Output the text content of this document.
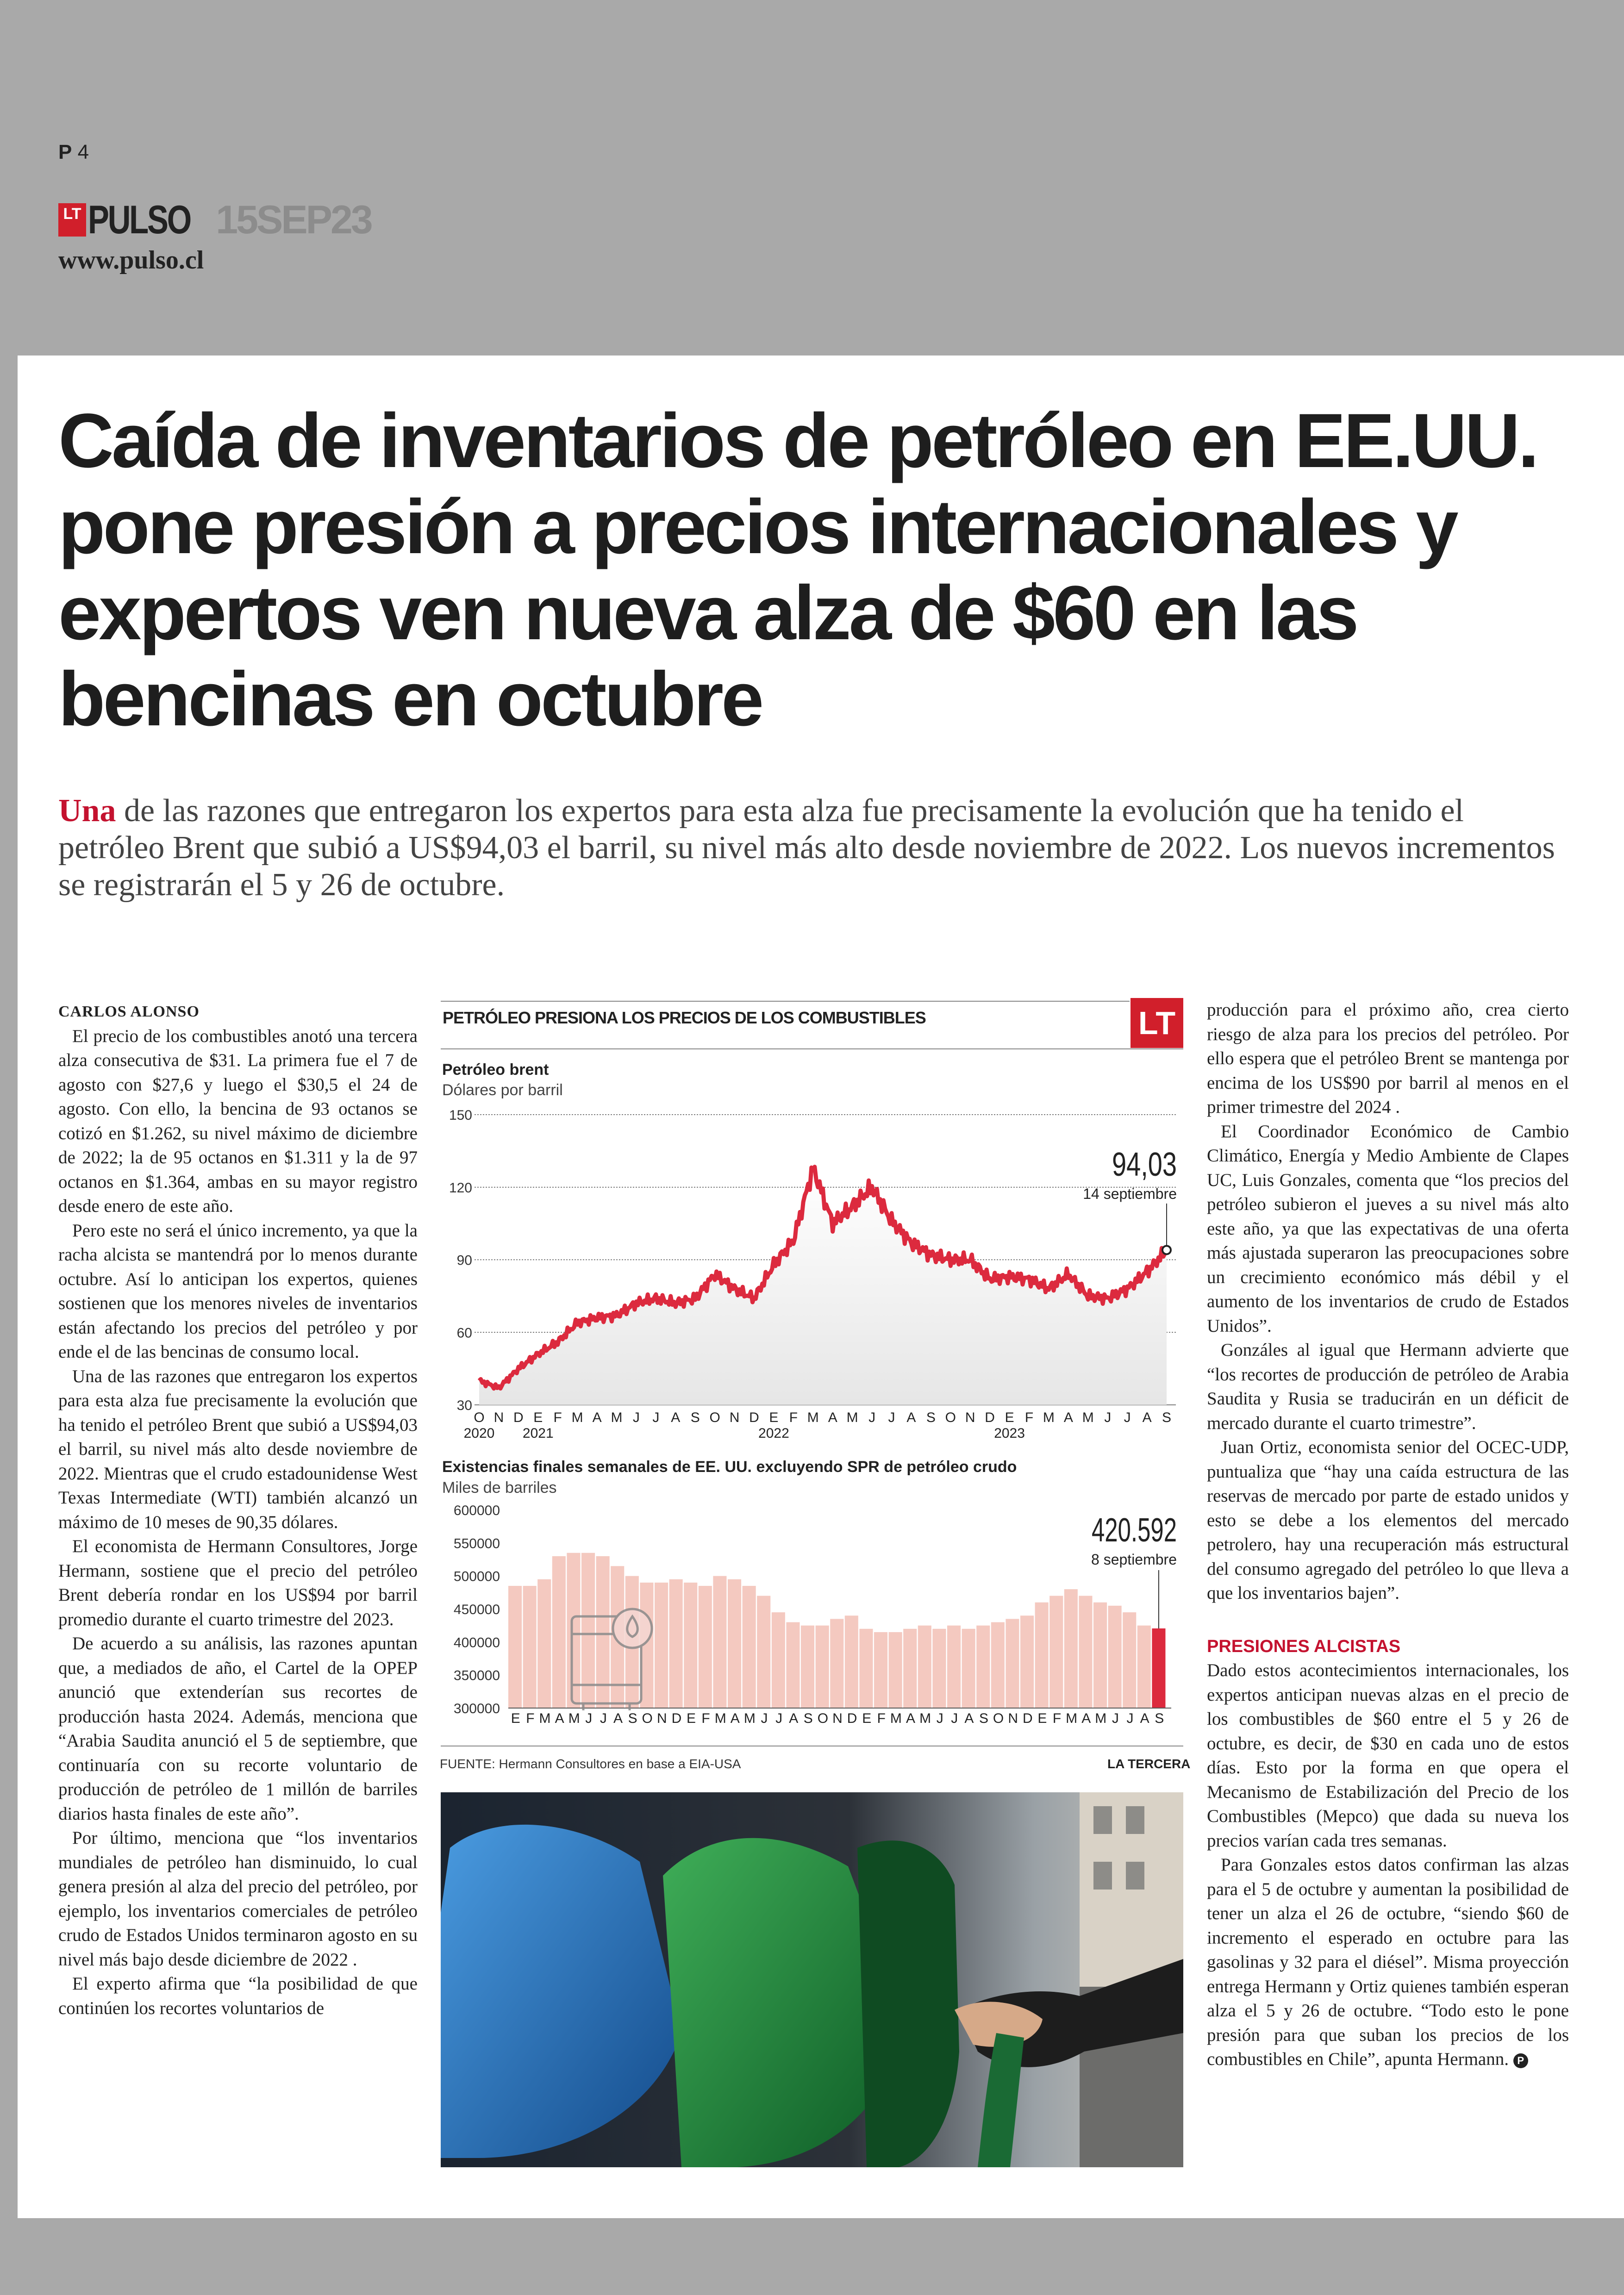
P 4
LT PULSO 15SEP23
www.pulso.cl
Caída de inventarios de petróleo en EE.UU. pone presión a precios internacionales y expertos ven nueva alza de $60 en las bencinas en octubre

Una de las razones que entregaron los expertos para esta alza fue precisamente la evolución que ha tenido el petróleo Brent que subió a US$94,03 el barril, su nivel más alto desde noviembre de 2022. Los nuevos incrementos se registrarán el 5 y 26 de octubre.

CARLOS ALONSO

El precio de los combustibles anotó una tercera alza consecutiva de $31. La primera fue el 7 de agosto con $27,6 y luego el $30,5 el 24 de agosto. Con ello, la bencina de 93 octanos se cotizó en $1.262, su nivel máximo de diciembre de 2022; la de 95 octanos en $1.311 y la de 97 octanos en $1.364, ambas en su mayor registro desde enero de este año.

Pero este no será el único incremento, ya que la racha alcista se mantendrá por lo menos durante octubre. Así lo anticipan los expertos, quienes sostienen que los menores niveles de inventarios están afectando los precios del petróleo y por ende el de las bencinas de consumo local.

Una de las razones que entregaron los expertos para esta alza fue precisamente la evolución que ha tenido el petróleo Brent que subió a US$94,03 el barril, su nivel más alto desde noviembre de 2022. Mientras que el crudo estadounidense West Texas Intermediate (WTI) también alcanzó un máximo de 10 meses de 90,35 dólares.

El economista de Hermann Consultores, Jorge Hermann, sostiene que el precio del petróleo Brent debería rondar en los US$94 por barril promedio durante el cuarto trimestre del 2023.

De acuerdo a su análisis, las razones apuntan que, a mediados de año, el Cartel de la OPEP anunció que extenderían sus recortes de producción hasta 2024. Además, menciona que “Arabia Saudita anunció el 5 de septiembre, que continuaría con su recorte voluntario de producción de petróleo de 1 millón de barriles diarios hasta finales de este año”.

Por último, menciona que “los inventarios mundiales de petróleo han disminuido, lo cual genera presión al alza del precio del petróleo, por ejemplo, los inventarios comerciales de petróleo crudo de Estados Unidos terminaron agosto en su nivel más bajo desde diciembre de 2022 .

El experto afirma que “la posibilidad de que continúen los recortes voluntarios de

producción para el próximo año, crea cierto riesgo de alza para los precios del petróleo. Por ello espera que el petróleo Brent se mantenga por encima de los US$90 por barril al menos en el primer trimestre del 2024 .

El Coordinador Económico de Cambio Climático, Energía y Medio Ambiente de Clapes UC, Luis Gonzales, comenta que “los precios del petróleo subieron el jueves a su nivel más alto este año, ya que las expectativas de una oferta más ajustada superaron las preocupaciones sobre un crecimiento económico más débil y el aumento de los inventarios de crudo de Estados Unidos”.

Gonzáles al igual que Hermann advierte que “los recortes de producción de petróleo de Arabia Saudita y Rusia se traducirán en un déficit de mercado durante el cuarto trimestre”.

Juan Ortiz, economista senior del OCEC-UDP, puntualiza que “hay una caída estructura de las reservas de mercado por parte de estado unidos y esto se debe a los elementos del mercado petrolero, hay una recuperación más estructural del consumo agregado del petróleo lo que lleva a que los inventarios bajen”.

PRESIONES ALCISTAS

Dado estos acontecimientos internacionales, los expertos anticipan nuevas alzas en el precio de los combustibles de $60 entre el 5 y 26 de octubre, es decir, de $30 en cada uno de estos días. Esto por la forma en que opera el Mecanismo de Estabilización del Precio de los Combustibles (Mepco) que dada su nueva los precios varían cada tres semanas.

Para Gonzales estos datos confirman las alzas para el 5 de octubre y aumentan la posibilidad de tener un alza el 26 de octubre, “siendo $60 de incremento el esperado en octubre para las gasolinas y 32 para el diésel”. Misma proyección entrega Hermann y Ortiz quienes también esperan alza el 5 y 26 de octubre. “Todo esto le pone presión para que suban los precios de los combustibles en Chile”, apunta Hermann. P

Petróleo brent
Dólares por barril
30
60
90
120
150
94,03
14 septiembre
O N D E F M A M J J A S O N D E F M A M J J A S O N D E F M A M J J A S
2020 2021	2022	2023
Existencias finales semanales de EE. UU. excluyendo SPR de petróleo crudo
Miles de barriles
300000
350000
400000
450000
500000
550000
600000
420.592
8 septiembre
E F M A M J J A S O N D E F M A M J J A S O N D E F M A M J J A S O N D E F M A M J J A S
PETRÓLEO PRESIONA LOS PRECIOS DE LOS COMBUSTIBLES	LT
FUENTE: Hermann Consultores en base a EIA-USA	LA TERCERA
